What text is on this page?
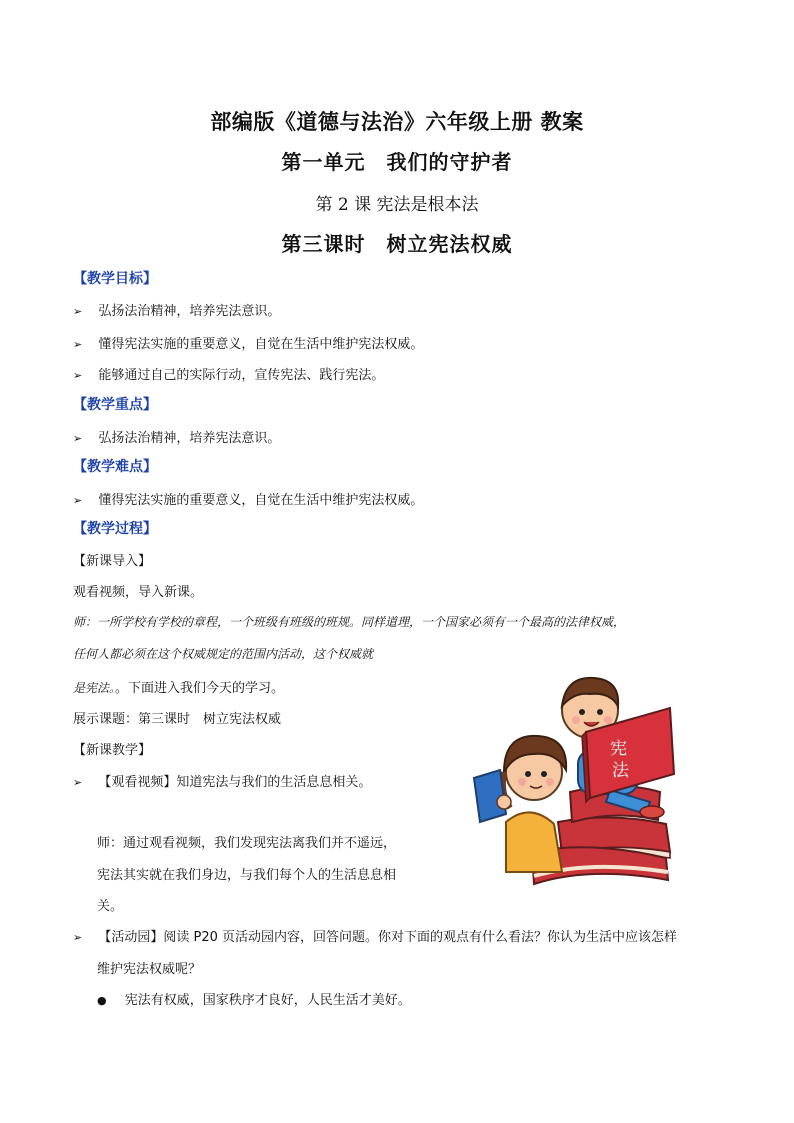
部编版《道德与法治》六年级上册 教案
第一单元　我们的守护者
第 2 课 宪法是根本法
第三课时　树立宪法权威
【教学目标】
➢ 弘扬法治精神，培养宪法意识。
➢ 懂得宪法实施的重要意义，自觉在生活中维护宪法权威。
➢ 能够通过自己的实际行动，宣传宪法、践行宪法。
【教学重点】
➢ 弘扬法治精神，培养宪法意识。
【教学难点】
➢ 懂得宪法实施的重要意义，自觉在生活中维护宪法权威。
【教学过程】
【新课导入】
观看视频，导入新课。
师：一所学校有学校的章程，一个班级有班级的班规。同样道理，一个国家必须有一个最高的法律权威，
任何人都必须在这个权威规定的范围内活动，这个权威就
是宪法。。下面进入我们今天的学习。
展示课题：第三课时　树立宪法权威
【新课教学】
➢ 【观看视频】知道宪法与我们的生活息息相关。
师：通过观看视频，我们发现宪法离我们并不遥远，
宪法其实就在我们身边，与我们每个人的生活息息相
关。
➢ 【活动园】阅读 P20 页活动园内容，回答问题。你对下面的观点有什么看法？你认为生活中应该怎样
维护宪法权威呢？
● 宪法有权威，国家秩序才良好，人民生活才美好。
宪
法
